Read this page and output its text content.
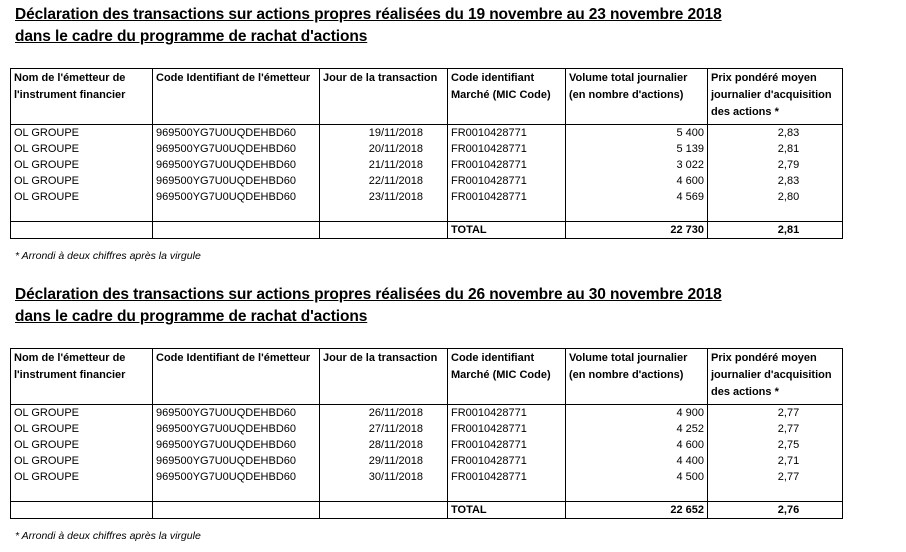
Déclaration des transactions sur actions propres réalisées du 19 novembre au 23 novembre 2018
dans le cadre du programme de rachat d'actions
Nom de l'émetteur de l'instrument financier	Code Identifiant de l'émetteur	Jour de la transaction	Code identifiant Marché (MIC Code)	Volume total journalier (en nombre d'actions)	Prix pondéré moyen journalier d'acquisition des actions *
OL GROUPE	969500YG7U0UQDEHBD60	19/11/2018	FR0010428771	5 400	2,83
OL GROUPE	969500YG7U0UQDEHBD60	20/11/2018	FR0010428771	5 139	2,81
OL GROUPE	969500YG7U0UQDEHBD60	21/11/2018	FR0010428771	3 022	2,79
OL GROUPE	969500YG7U0UQDEHBD60	22/11/2018	FR0010428771	4 600	2,83
OL GROUPE	969500YG7U0UQDEHBD60	23/11/2018	FR0010428771	4 569	2,80

			TOTAL	22 730	2,81
* Arrondi à deux chiffres après la virgule
Déclaration des transactions sur actions propres réalisées du 26 novembre au 30 novembre 2018
dans le cadre du programme de rachat d'actions
Nom de l'émetteur de l'instrument financier	Code Identifiant de l'émetteur	Jour de la transaction	Code identifiant Marché (MIC Code)	Volume total journalier (en nombre d'actions)	Prix pondéré moyen journalier d'acquisition des actions *
OL GROUPE	969500YG7U0UQDEHBD60	26/11/2018	FR0010428771	4 900	2,77
OL GROUPE	969500YG7U0UQDEHBD60	27/11/2018	FR0010428771	4 252	2,77
OL GROUPE	969500YG7U0UQDEHBD60	28/11/2018	FR0010428771	4 600	2,75
OL GROUPE	969500YG7U0UQDEHBD60	29/11/2018	FR0010428771	4 400	2,71
OL GROUPE	969500YG7U0UQDEHBD60	30/11/2018	FR0010428771	4 500	2,77

			TOTAL	22 652	2,76
* Arrondi à deux chiffres après la virgule
